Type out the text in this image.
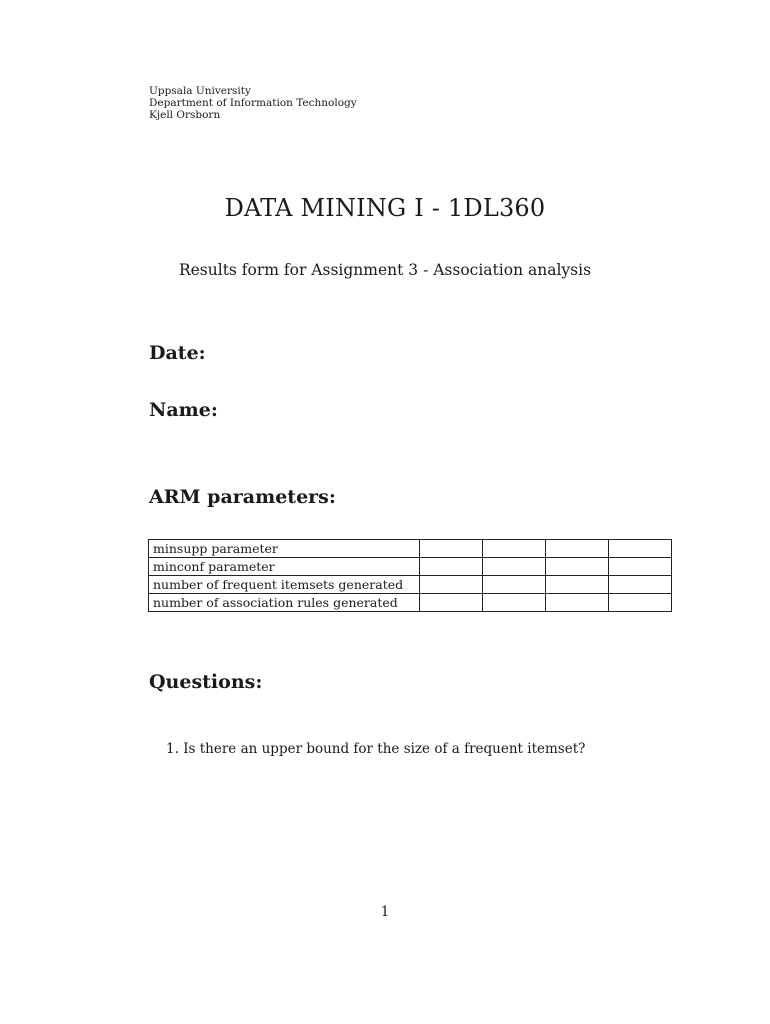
Uppsala University
Department of Information Technology
Kjell Orsborn
DATA MINING I - 1DL360
Results form for Assignment 3 - Association analysis
Date:
Name:
ARM parameters:
minsupp parameter				
minconf parameter				
number of frequent itemsets generated				
number of association rules generated				
Questions:
1. Is there an upper bound for the size of a frequent itemset?
1
